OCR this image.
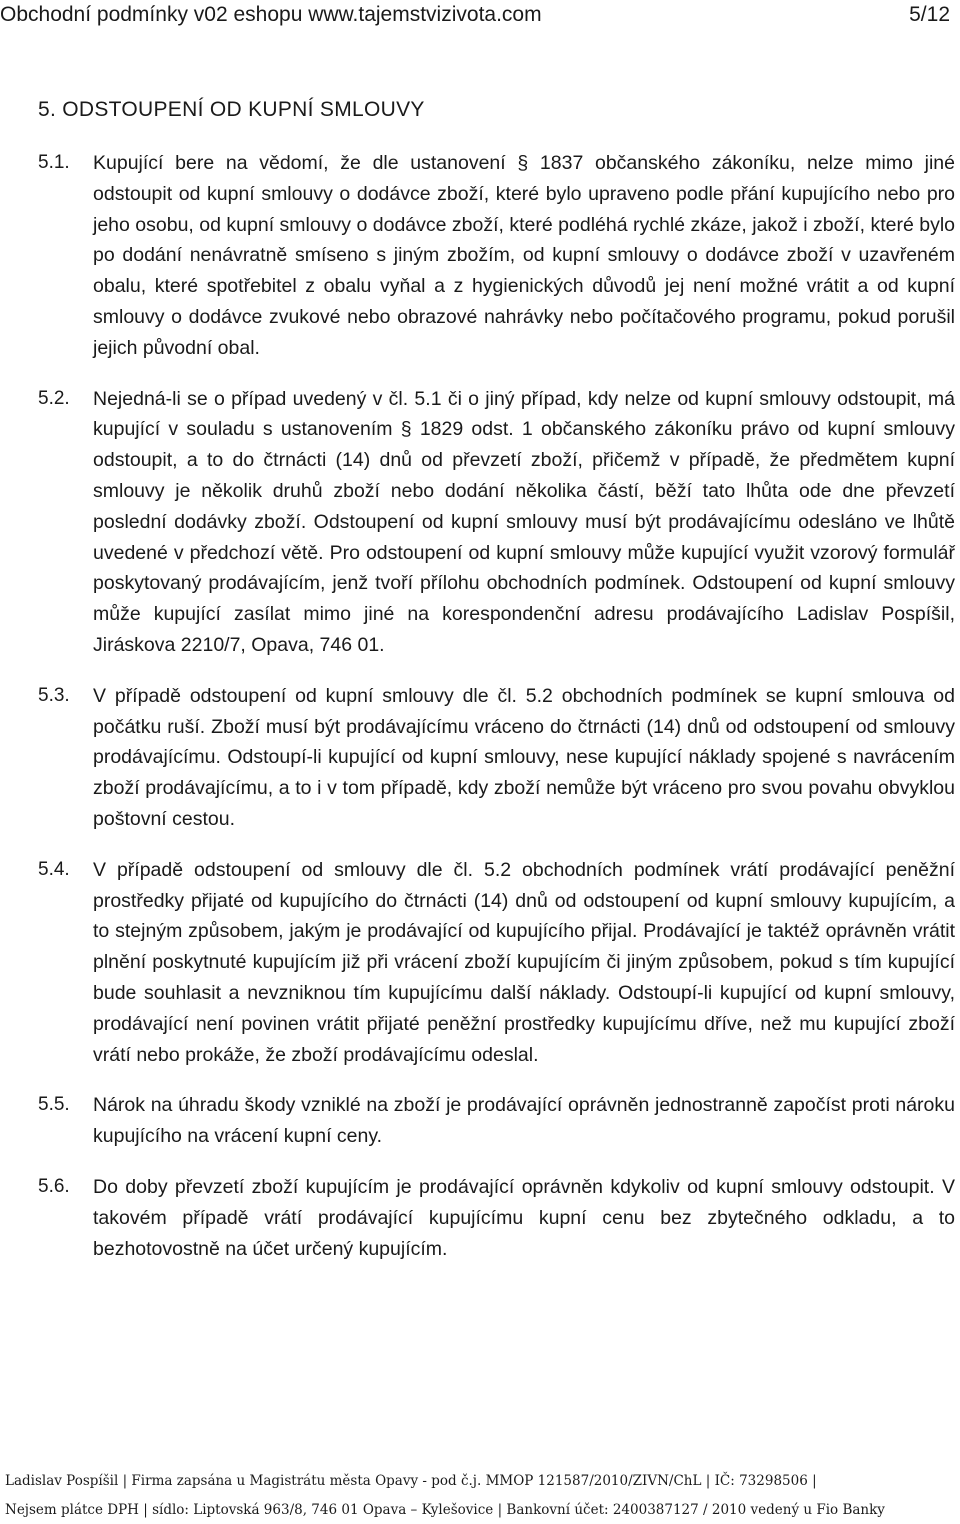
Obchodní podmínky v02 eshopu www.tajemstvizivota.com	5/12
5. ODSTOUPENÍ OD KUPNÍ SMLOUVY
5.1. Kupující bere na vědomí, že dle ustanovení § 1837 občanského zákoníku, nelze mimo jiné odstoupit od kupní smlouvy o dodávce zboží, které bylo upraveno podle přání kupujícího nebo pro jeho osobu, od kupní smlouvy o dodávce zboží, které podléhá rychlé zkáze, jakož i zboží, které bylo po dodání nenávratně smíseno s jiným zbožím, od kupní smlouvy o dodávce zboží v uzavřeném obalu, které spotřebitel z obalu vyňal a z hygienických důvodů jej není možné vrátit a od kupní smlouvy o dodávce zvukové nebo obrazové nahrávky nebo počítačového programu, pokud porušil jejich původní obal.
5.2. Nejedná-li se o případ uvedený v čl. 5.1 či o jiný případ, kdy nelze od kupní smlouvy odstoupit, má kupující v souladu s ustanovením § 1829 odst. 1 občanského zákoníku právo od kupní smlouvy odstoupit, a to do čtrnácti (14) dnů od převzetí zboží, přičemž v případě, že předmětem kupní smlouvy je několik druhů zboží nebo dodání několika částí, běží tato lhůta ode dne převzetí poslední dodávky zboží. Odstoupení od kupní smlouvy musí být prodávajícímu odesláno ve lhůtě uvedené v předchozí větě. Pro odstoupení od kupní smlouvy může kupující využit vzorový formulář poskytovaný prodávajícím, jenž tvoří přílohu obchodních podmínek. Odstoupení od kupní smlouvy může kupující zasílat mimo jiné na korespondenční adresu prodávajícího Ladislav Pospíšil, Jiráskova 2210/7, Opava, 746 01.
5.3. V případě odstoupení od kupní smlouvy dle čl. 5.2 obchodních podmínek se kupní smlouva od počátku ruší. Zboží musí být prodávajícímu vráceno do čtrnácti (14) dnů od odstoupení od smlouvy prodávajícímu. Odstoupí-li kupující od kupní smlouvy, nese kupující náklady spojené s navrácením zboží prodávajícímu, a to i v tom případě, kdy zboží nemůže být vráceno pro svou povahu obvyklou poštovní cestou.
5.4. V případě odstoupení od smlouvy dle čl. 5.2 obchodních podmínek vrátí prodávající peněžní prostředky přijaté od kupujícího do čtrnácti (14) dnů od odstoupení od kupní smlouvy kupujícím, a to stejným způsobem, jakým je prodávající od kupujícího přijal. Prodávající je taktéž oprávněn vrátit plnění poskytnuté kupujícím již při vrácení zboží kupujícím či jiným způsobem, pokud s tím kupující bude souhlasit a nevzniknou tím kupujícímu další náklady. Odstoupí-li kupující od kupní smlouvy, prodávající není povinen vrátit přijaté peněžní prostředky kupujícímu dříve, než mu kupující zboží vrátí nebo prokáže, že zboží prodávajícímu odeslal.
5.5. Nárok na úhradu škody vzniklé na zboží je prodávající oprávněn jednostranně započíst proti nároku kupujícího na vrácení kupní ceny.
5.6. Do doby převzetí zboží kupujícím je prodávající oprávněn kdykoliv od kupní smlouvy odstoupit. V takovém případě vrátí prodávající kupujícímu kupní cenu bez zbytečného odkladu, a to bezhotovostně na účet určený kupujícím.
Ladislav Pospíšil | Firma zapsána u Magistrátu města Opavy - pod č.j. MMOP 121587/2010/ZIVN/ChL | IČ: 73298506 |
Nejsem plátce DPH | sídlo: Liptovská 963/8, 746 01 Opava – Kylešovice | Bankovní účet: 2400387127 / 2010 vedený u Fio Banky
